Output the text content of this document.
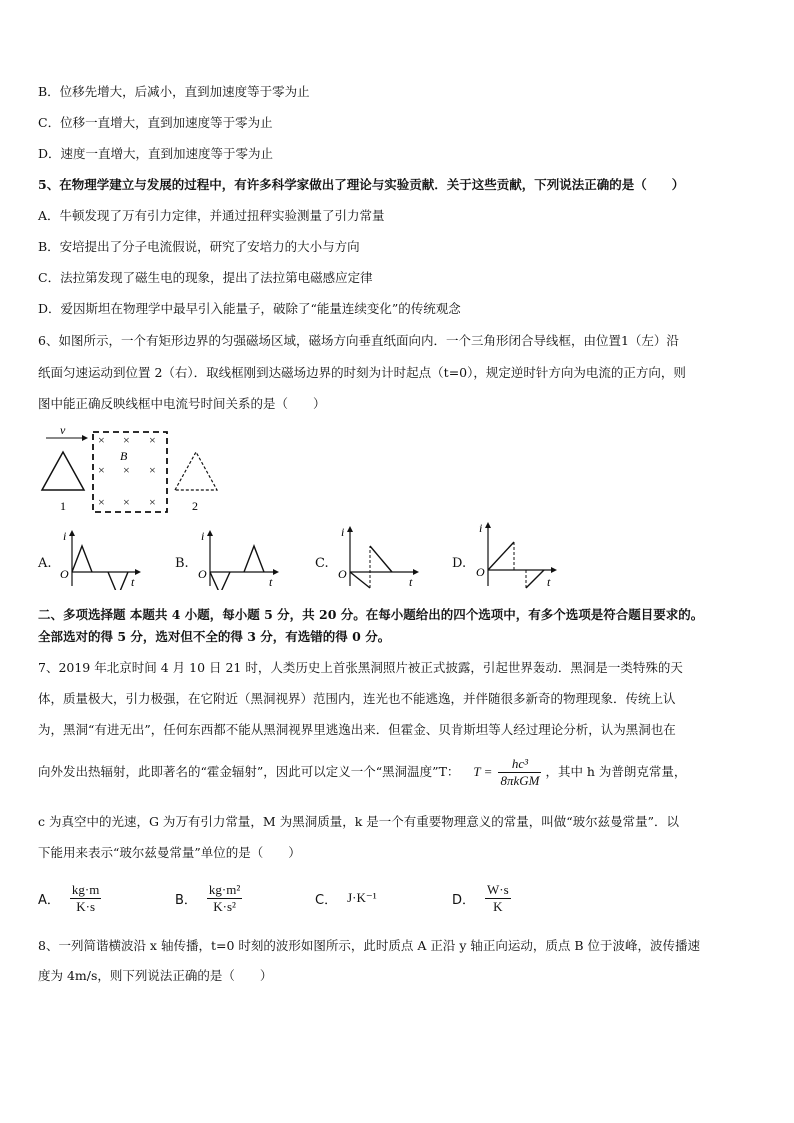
B．位移先增大，后减小，直到加速度等于零为止
C．位移一直增大，直到加速度等于零为止
D．速度一直增大，直到加速度等于零为止
5、在物理学建立与发展的过程中，有许多科学家做出了理论与实验贡献．关于这些贡献，下列说法正确的是（　　）
A．牛顿发现了万有引力定律，并通过扭秤实验测量了引力常量
B．安培提出了分子电流假说，研究了安培力的大小与方向
C．法拉第发现了磁生电的现象，提出了法拉第电磁感应定律
D．爱因斯坦在物理学中最早引入能量子，破除了“能量连续变化”的传统观念
6、如图所示，一个有矩形边界的匀强磁场区域，磁场方向垂直纸面向内．一个三角形闭合导线框，由位置1（左）沿
纸面匀速运动到位置 2（右）．取线框刚到达磁场边界的时刻为计时起点（t=0），规定逆时针方向为电流的正方向，则
图中能正确反映线框中电流号时间关系的是（　　）
v
1
× × ×
B
× × ×
× × ×	2
A.
i
O
t
B.
i
O
t
C.
i
O
t
D.
i
O
t
二、多项选择题 本题共 4 小题，每小题 5 分，共 20 分。在每小题给出的四个选项中，有多个选项是符合题目要求的。
全部选对的得 5 分，选对但不全的得 3 分，有选错的得 0 分。
7、2019 年北京时间 4 月 10 日 21 时，人类历史上首张黑洞照片被正式披露，引起世界轰动．黑洞是一类特殊的天
体，质量极大，引力极强，在它附近（黑洞视界）范围内，连光也不能逃逸，并伴随很多新奇的物理现象．传统上认
为，黑洞“有进无出”，任何东西都不能从黑洞视界里逃逸出来．但霍金、贝肯斯坦等人经过理论分析，认为黑洞也在
向外发出热辐射，此即著名的“霍金辐射”，因此可以定义一个“黑洞温度”T： $T = \frac{\text{hc³}}{\text{8πkGM}}$ ，其中 h 为普朗克常量，
c 为真空中的光速，G 为万有引力常量，M 为黑洞质量，k 是一个有重要物理意义的常量，叫做“玻尔兹曼常量”．以
下能用来表示“玻尔兹曼常量”单位的是（　　）
A． $\frac{kg\cdot m}{K\cdot s}$	B． $\frac{\text{kg·m²}}{\text{K·s²}}$	C． J·K⁻¹	D． $\frac{W\cdot s}{K}$
8、一列简谐横波沿 x 轴传播，t=0 时刻的波形如图所示，此时质点 A 正沿 y 轴正向运动，质点 B 位于波峰，波传播速
度为 4m/s，则下列说法正确的是（　　）
